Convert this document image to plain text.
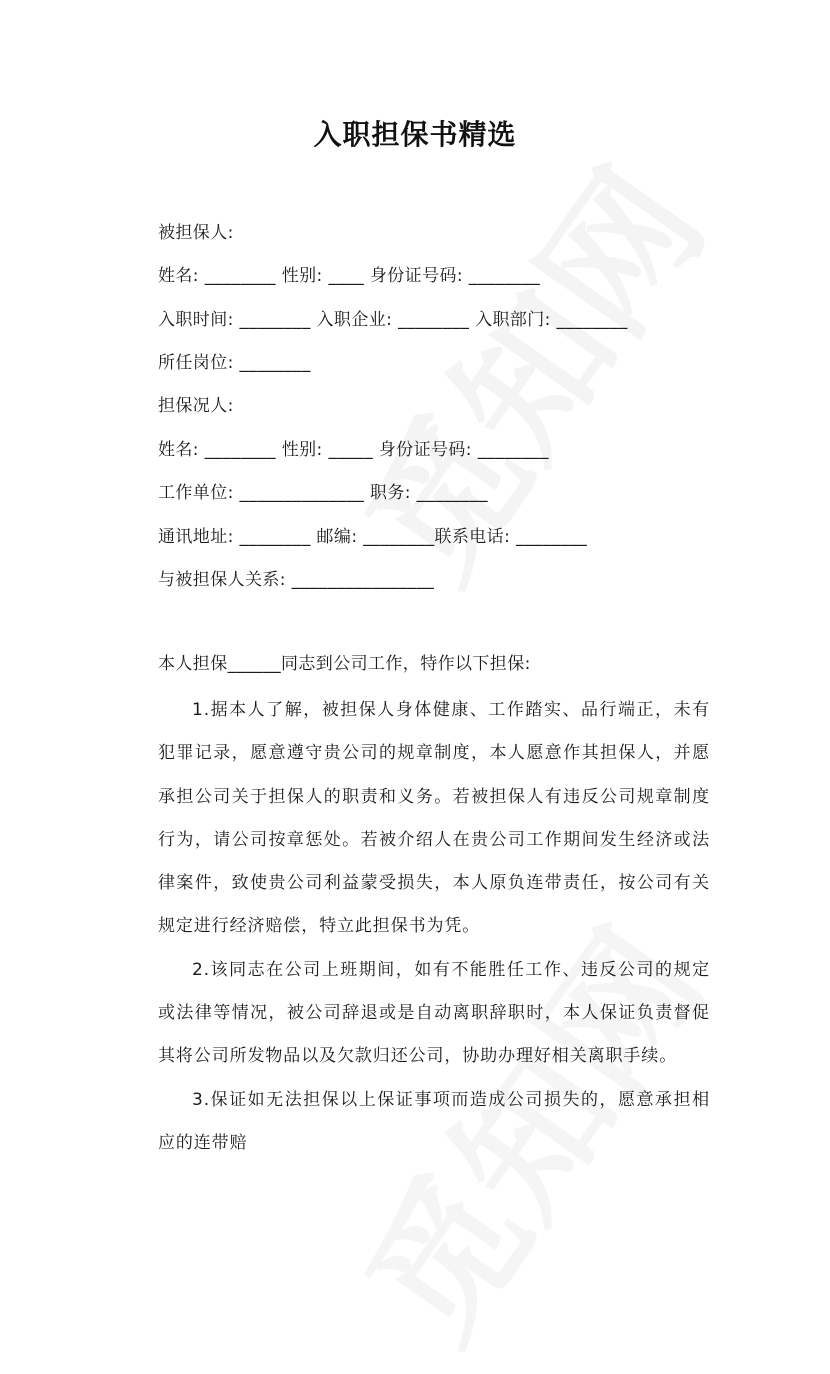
入职担保书精选
被担保人:
姓名: ________ 性别: ____ 身份证号码: ________
入职时间: ________ 入职企业: ________ 入职部门: ________
所任岗位: ________
担保况人:
姓名: ________ 性别: _____ 身份证号码: ________
工作单位: ______________ 职务: ________
通讯地址: ________ 邮编: ________联系电话: ________
与被担保人关系: ________________
本人担保______同志到公司工作，特作以下担保:

1.据本人了解，被担保人身体健康、工作踏实、品行端正，未有犯罪记录，愿意遵守贵公司的规章制度，本人愿意作其担保人，并愿承担公司关于担保人的职责和义务。若被担保人有违反公司规章制度行为，请公司按章惩处。若被介绍人在贵公司工作期间发生经济或法律案件，致使贵公司利益蒙受损失，本人原负连带责任，按公司有关规定进行经济赔偿，特立此担保书为凭。

2.该同志在公司上班期间，如有不能胜任工作、违反公司的规定或法律等情况，被公司辞退或是自动离职辞职时，本人保证负责督促其将公司所发物品以及欠款归还公司，协助办理好相关离职手续。

3.保证如无法担保以上保证事项而造成公司损失的，愿意承担相应的连带赔
